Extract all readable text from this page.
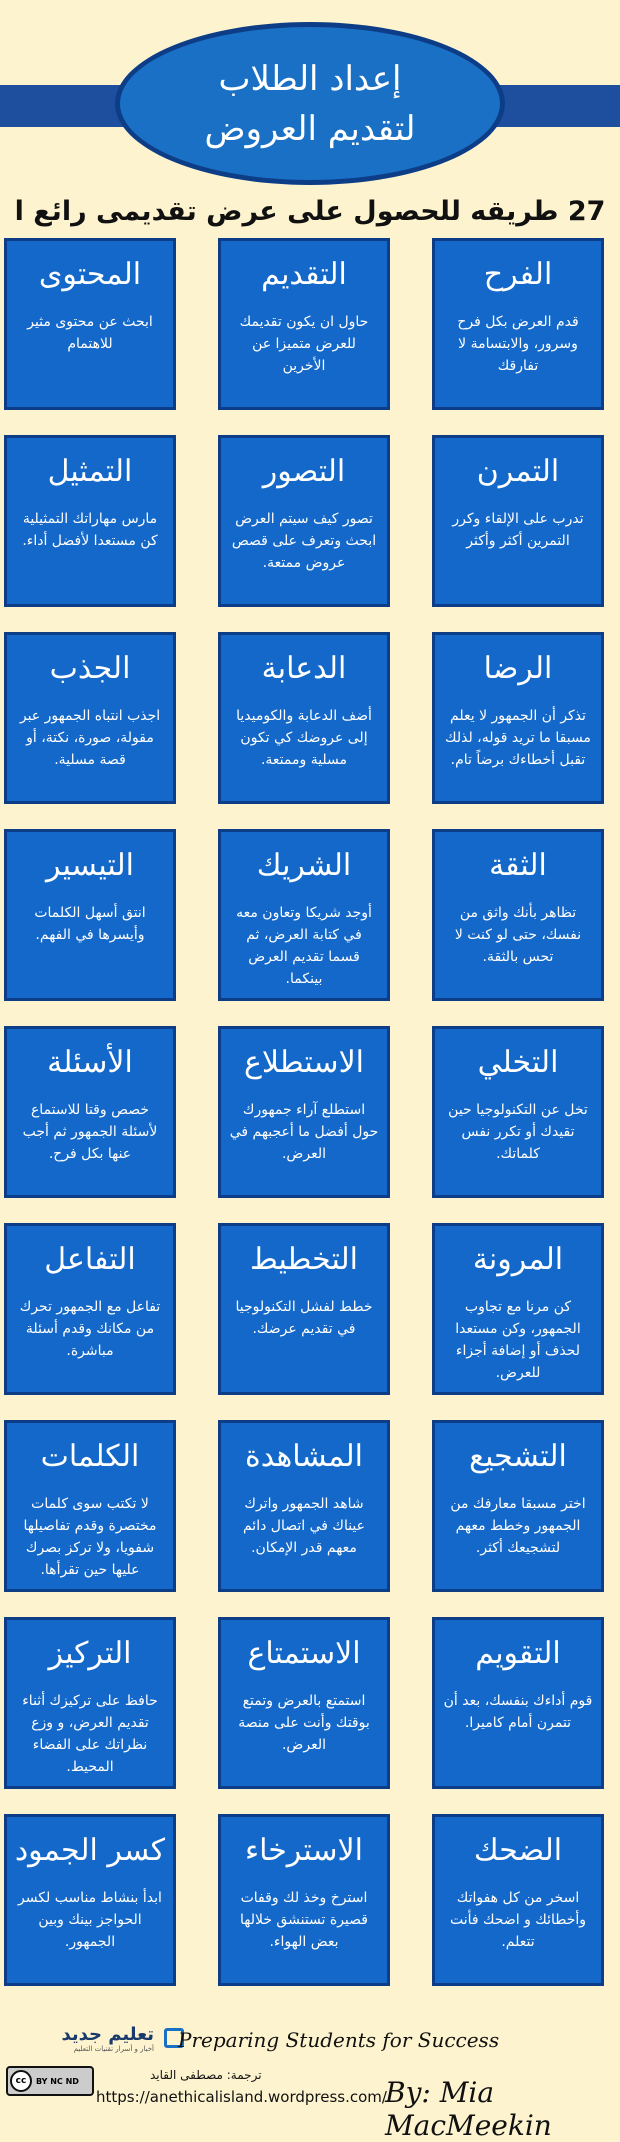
إعداد الطلاب
لتقديم العروض
27 طريقه للحصول على عرض تقديمى رائع ا
الفرح
قدم العرض بكل فرح وسرور، والابتسامة لا تفارقك
التقديم
حاول ان يكون تقديمك للعرض متميزا عن الأخرين
المحتوى
ابحث عن محتوى مثير للاهتمام
التمرن
تدرب على الإلقاء وكرر التمرين أكثر وأكثر
التصور
تصور كيف سيتم العرض ابحث وتعرف على قصص عروض ممتعة.
التمثيل
مارس مهاراتك التمثيلية كن مستعدا لأفضل أداء.
الرضا
تذكر أن الجمهور لا يعلم مسبقا ما تريد قوله، لذلك تقبل أخطاءك برضاً تام.
الدعابة
أضف الدعابة والكوميديا إلى عروضك كي تكون مسلية وممتعة.
الجذب
اجذب انتباه الجمهور عبر مقولة، صورة، نكتة، أو قصة مسلية.
الثقة
تظاهر بأنك واثق من نفسك، حتى لو كنت لا تحس بالثقة.
الشريك
أوجد شريكا وتعاون معه في كتابة العرض، ثم قسما تقديم العرض بينكما.
التيسير
انتق أسهل الكلمات وأيسرها في الفهم.
التخلي
تخل عن التكنولوجيا حين تقيدك أو تكرر نفس كلماتك.
الاستطلاع
استطلع آراء جمهورك حول أفضل ما أعجبهم في العرض.
الأسئلة
خصص وقتا للاستماع لأسئلة الجمهور ثم أجب عنها بكل فرح.
المرونة
كن مرنا مع تجاوب الجمهور، وكن مستعدا لحذف أو إضافة أجزاء للعرض.
التخطيط
خطط لفشل التكنولوجيا في تقديم عرضك.
التفاعل
تفاعل مع الجمهور تحرك من مكانك وقدم أسئلة مباشرة.
التشجيع
اختر مسبقا معارفك من الجمهور وخطط معهم لتشجيعك أكثر.
المشاهدة
شاهد الجمهور واترك عيناك في اتصال دائم معهم قدر الإمكان.
الكلمات
لا تكتب سوى كلمات مختصرة وقدم تفاصيلها شفويا، ولا تركز بصرك عليها حين تقرأها.
التقويم
قوم أداءك بنفسك، بعد أن تتمرن أمام كاميرا.
الاستمتاع
استمتع بالعرض وتمتع بوقتك وأنت على منصة العرض.
التركيز
حافظ على تركيزك أثناء تقديم العرض، و وزع نظراتك على الفضاء المحيط.
الضحك
اسخر من كل هفواتك وأخطائك و اضحك فأنت تتعلم.
الاسترخاء
استرخ وخذ لك وقفات قصيرة تستنشق خلالها بعض الهواء.
كسر الجمود
ابدأ بنشاط مناسب لكسر الحواجز بينك وبين الجمهور.
تعليم جديد
أخبار و أسرار تقنيات التعليم Preparing Students for Success
ترجمة: مصطفى القايد
cc	BY NC ND
https://anethicalisland.wordpress.com/
By: Mia MacMeekin
